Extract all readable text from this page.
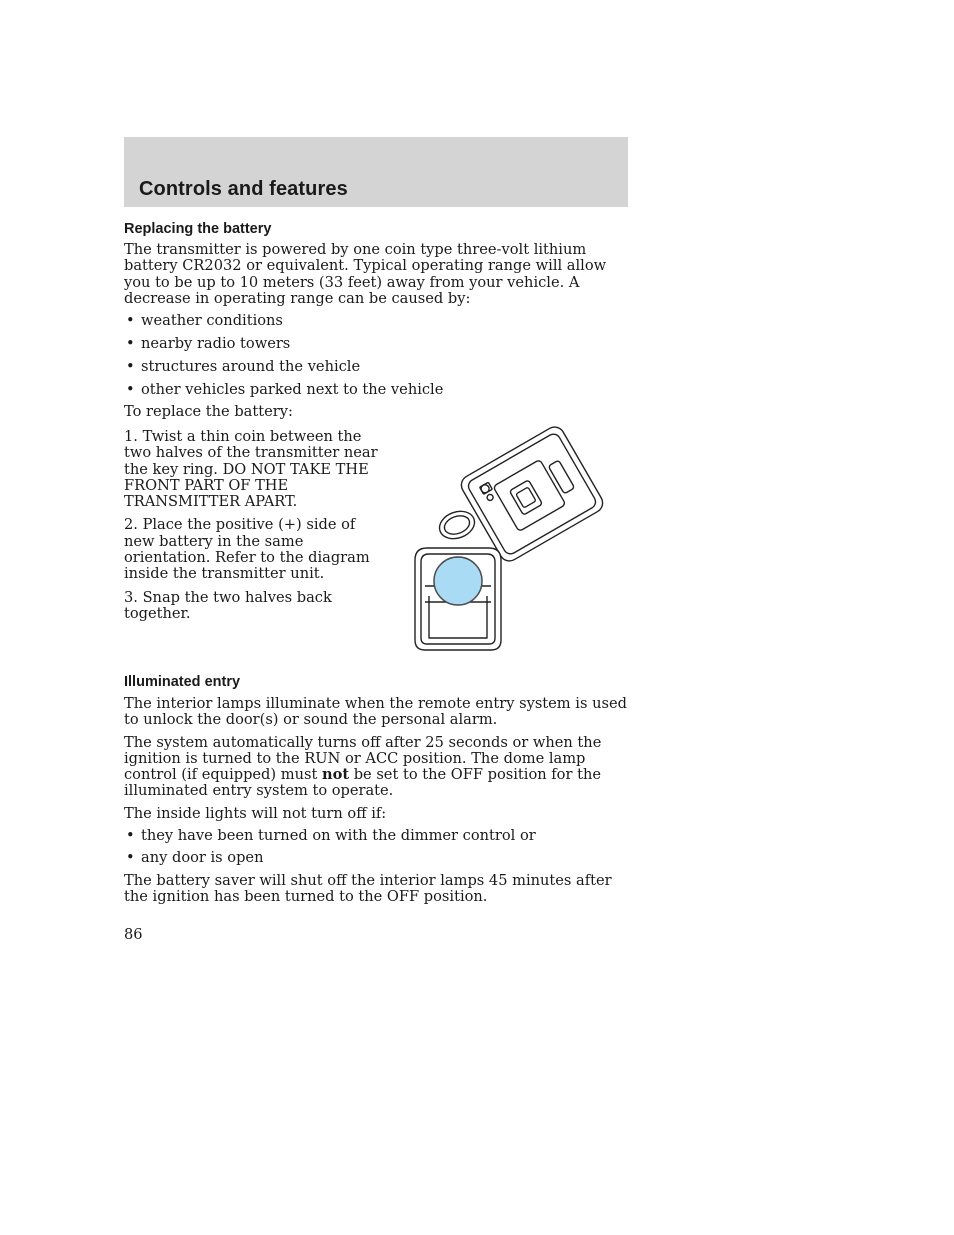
Controls and features
Replacing the battery

The transmitter is powered by one coin type three-volt lithium battery CR2032 or equivalent. Typical operating range will allow you to be up to 10 meters (33 feet) away from your vehicle. A decrease in operating range can be caused by:

• weather conditions
• nearby radio towers
• structures around the vehicle
• other vehicles parked next to the vehicle

To replace the battery:

1. Twist a thin coin between the two halves of the transmitter near the key ring. DO NOT TAKE THE FRONT PART OF THE TRANSMITTER APART.

2. Place the positive (+) side of new battery in the same orientation. Refer to the diagram inside the transmitter unit.

3. Snap the two halves back together.

Illuminated entry

The interior lamps illuminate when the remote entry system is used to unlock the door(s) or sound the personal alarm.

The system automatically turns off after 25 seconds or when the ignition is turned to the RUN or ACC position. The dome lamp control (if equipped) must not be set to the OFF position for the illuminated entry system to operate.

The inside lights will not turn off if:

• they have been turned on with the dimmer control or
• any door is open

The battery saver will shut off the interior lamps 45 minutes after the ignition has been turned to the OFF position.

86
